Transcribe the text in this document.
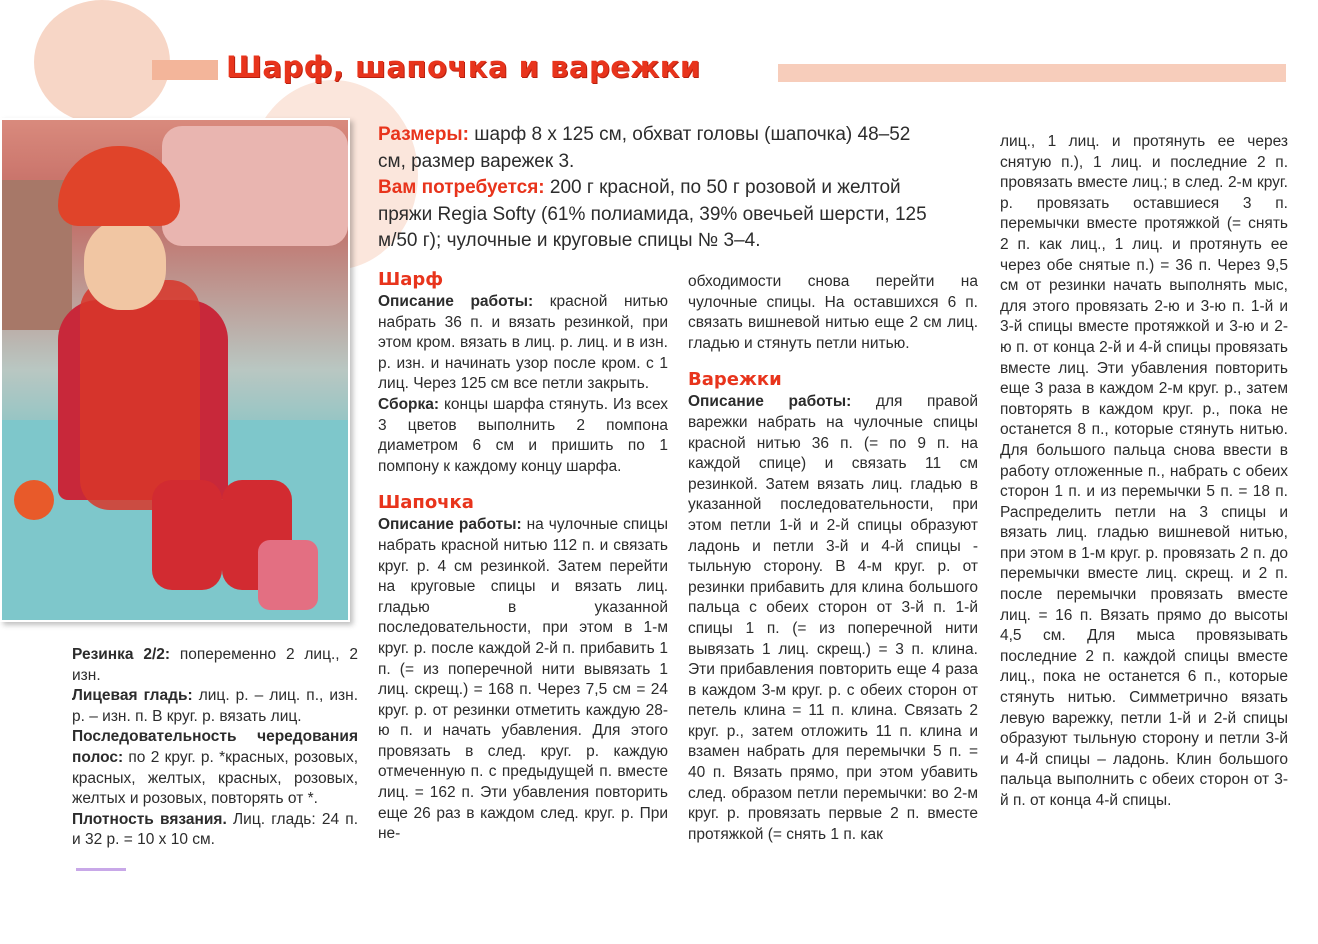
Шарф, шапочка и варежки
Размеры: шарф 8 x 125 см, обхват головы (шапочка) 48–52 см, размер варежек 3.
Вам потребуется: 200 г красной, по 50 г розовой и желтой пряжи Regia Softy (61% полиамида, 39% овечьей шерсти, 125 м/50 г); чулочные и круговые спицы № 3–4.

Резинка 2/2: попеременно 2 лиц., 2 изн.

Лицевая гладь: лиц. р. – лиц. п., изн. р. – изн. п. В круг. р. вязать лиц.

Последовательность чередования полос: по 2 круг. р. *красных, розовых, красных, желтых, красных, розовых, желтых и розовых, повторять от *.

Плотность вязания. Лиц. гладь: 24 п. и 32 р. = 10 x 10 см.

Шарф

Описание работы: красной нитью набрать 36 п. и вязать резинкой, при этом кром. вязать в лиц. р. лиц. и в изн. р. изн. и начинать узор после кром. с 1 лиц. Через 125 см все петли закрыть.

Сборка: концы шарфа стянуть. Из всех 3 цветов выполнить 2 помпона диаметром 6 см и пришить по 1 помпону к каждому концу шарфа.

Шапочка

Описание работы: на чулочные спицы набрать красной нитью 112 п. и связать круг. р. 4 см резинкой. Затем перейти на круговые спицы и вязать лиц. гладью в указанной последовательности, при этом в 1-м круг. р. после каждой 2-й п. прибавить 1 п. (= из поперечной нити вывязать 1 лиц. скрещ.) = 168 п. Через 7,5 см = 24 круг. р. от резинки отметить каждую 28-ю п. и начать убавления. Для этого провязать в след. круг. р. каждую отмеченную п. с предыдущей п. вместе лиц. = 162 п. Эти убавления повторить еще 26 раз в каждом след. круг. р. При не-

обходимости снова перейти на чулочные спицы. На оставшихся 6 п. связать вишневой нитью еще 2 см лиц. гладью и стянуть петли нитью.

Варежки

Описание работы: для правой варежки набрать на чулочные спицы красной нитью 36 п. (= по 9 п. на каждой спице) и связать 11 см резинкой. Затем вязать лиц. гладью в указанной последовательности, при этом петли 1-й и 2-й спицы образуют ладонь и петли 3-й и 4-й спицы - тыльную сторону. В 4-м круг. р. от резинки прибавить для клина большого пальца с обеих сторон от 3-й п. 1-й спицы 1 п. (= из поперечной нити вывязать 1 лиц. скрещ.) = 3 п. клина. Эти прибавления повторить еще 4 раза в каждом 3-м круг. р. с обеих сторон от петель клина = 11 п. клина. Связать 2 круг. р., затем отложить 11 п. клина и взамен набрать для перемычки 5 п. = 40 п. Вязать прямо, при этом убавить след. образом петли перемычки: во 2-м круг. р. провязать первые 2 п. вместе протяжкой (= снять 1 п. как

лиц., 1 лиц. и протянуть ее через снятую п.), 1 лиц. и последние 2 п. провязать вместе лиц.; в след. 2-м круг. р. провязать оставшиеся 3 п. перемычки вместе протяжкой (= снять 2 п. как лиц., 1 лиц. и протянуть ее через обе снятые п.) = 36 п. Через 9,5 см от резинки начать выполнять мыс, для этого провязать 2-ю и 3-ю п. 1-й и 3-й спицы вместе протяжкой и 3-ю и 2-ю п. от конца 2-й и 4-й спицы провязать вместе лиц. Эти убавления повторить еще 3 раза в каждом 2-м круг. р., затем повторять в каждом круг. р., пока не останется 8 п., которые стянуть нитью. Для большого пальца снова ввести в работу отложенные п., набрать с обеих сторон 1 п. и из перемычки 5 п. = 18 п. Распределить петли на 3 спицы и вязать лиц. гладью вишневой нитью, при этом в 1-м круг. р. провязать 2 п. до перемычки вместе лиц. скрещ. и 2 п. после перемычки провязать вместе лиц. = 16 п. Вязать прямо до высоты 4,5 см. Для мыса провязывать последние 2 п. каждой спицы вместе лиц., пока не останется 6 п., которые стянуть нитью. Симметрично вязать левую варежку, петли 1-й и 2-й спицы образуют тыльную сторону и петли 3-й и 4-й спицы – ладонь. Клин большого пальца выполнить с обеих сторон от 3-й п. от конца 4-й спицы.
